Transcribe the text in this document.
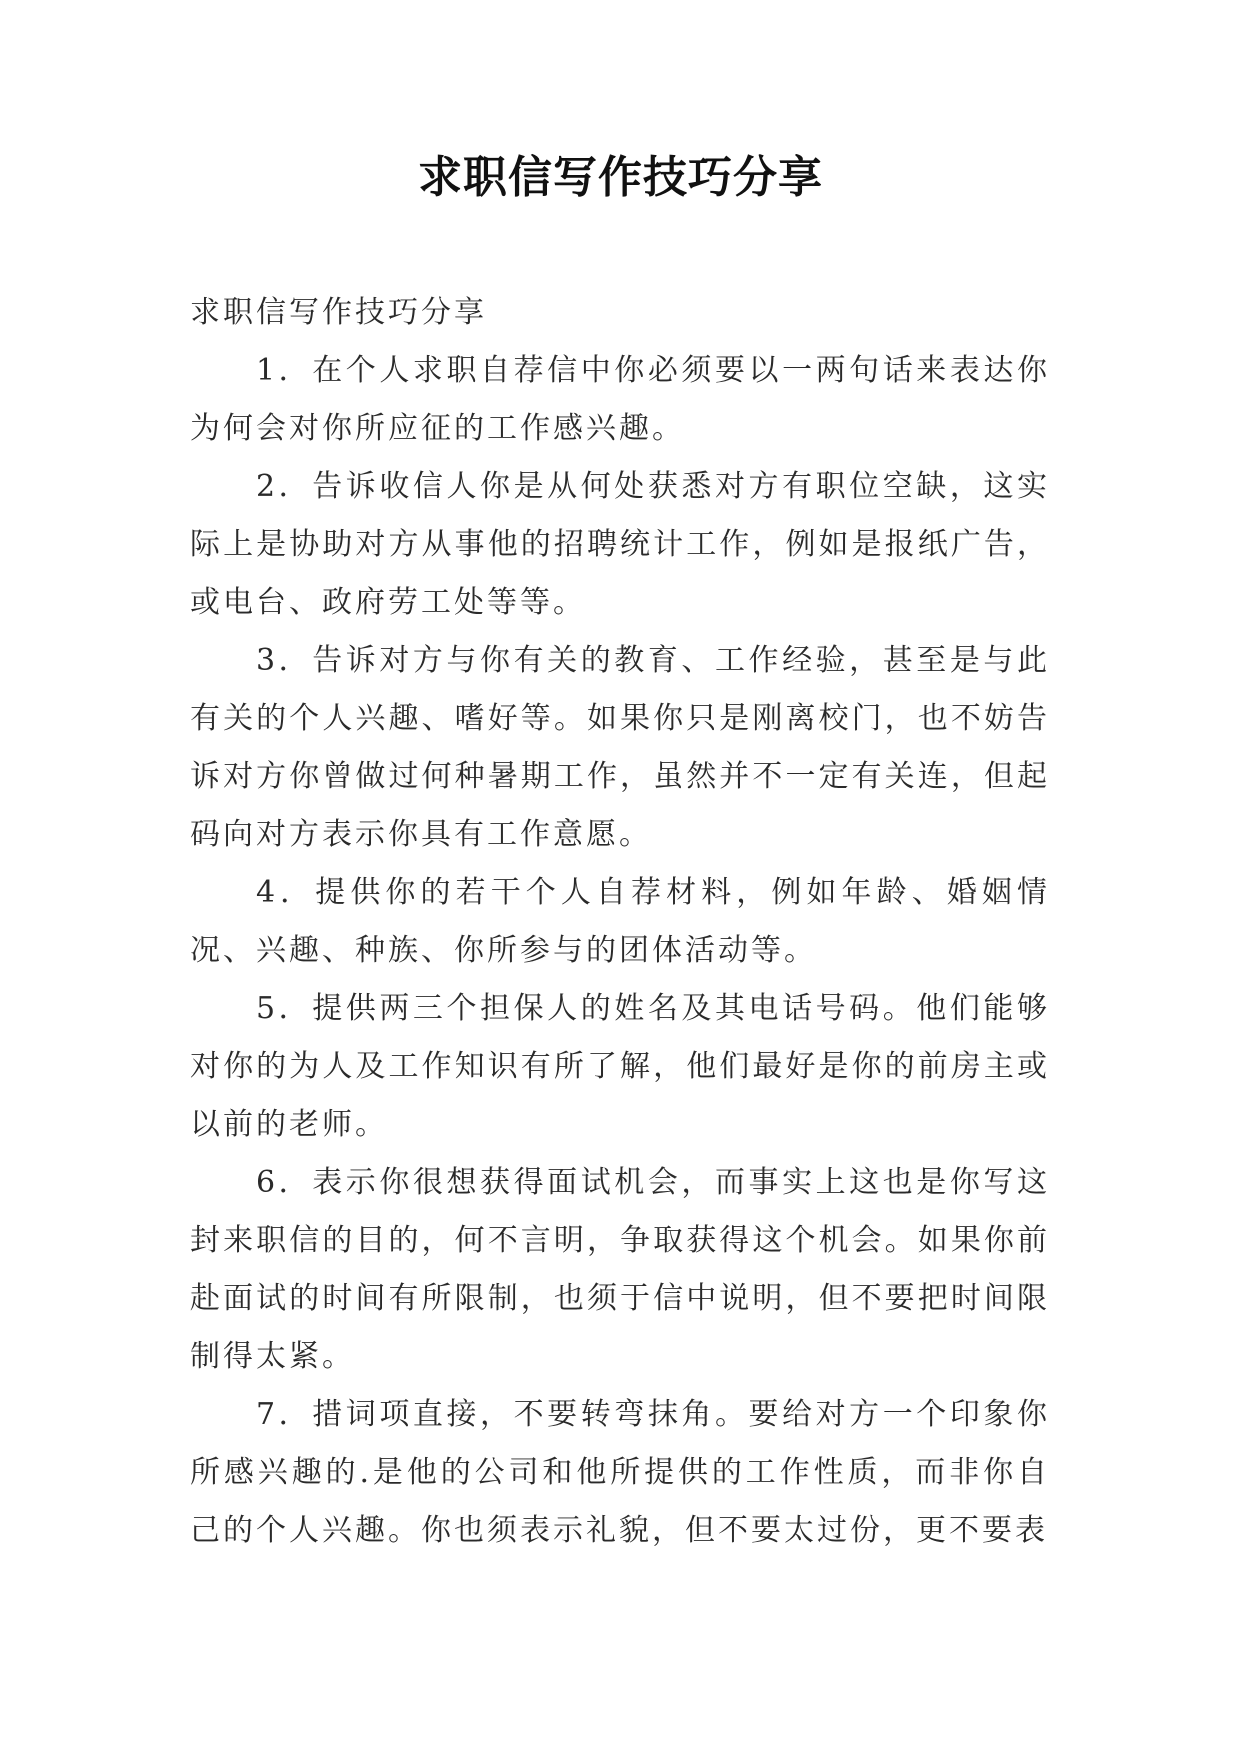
求职信写作技巧分享

求职信写作技巧分享

1．在个人求职自荐信中你必须要以一两句话来表达你为何会对你所应征的工作感兴趣。

2．告诉收信人你是从何处获悉对方有职位空缺，这实际上是协助对方从事他的招聘统计工作，例如是报纸广告，或电台、政府劳工处等等。

3．告诉对方与你有关的教育、工作经验，甚至是与此有关的个人兴趣、嗜好等。如果你只是刚离校门，也不妨告诉对方你曾做过何种暑期工作，虽然并不一定有关连，但起码向对方表示你具有工作意愿。

4．提供你的若干个人自荐材料，例如年龄、婚姻情况、兴趣、种族、你所参与的团体活动等。

5．提供两三个担保人的姓名及其电话号码。他们能够对你的为人及工作知识有所了解，他们最好是你的前房主或以前的老师。

6．表示你很想获得面试机会，而事实上这也是你写这封来职信的目的，何不言明，争取获得这个机会。如果你前赴面试的时间有所限制，也须于信中说明，但不要把时间限制得太紧。

7．措词项直接，不要转弯抹角。要给对方一个印象你所感兴趣的.是他的公司和他所提供的工作性质，而非你自己的个人兴趣。你也须表示礼貌，但不要太过份，更不要表
